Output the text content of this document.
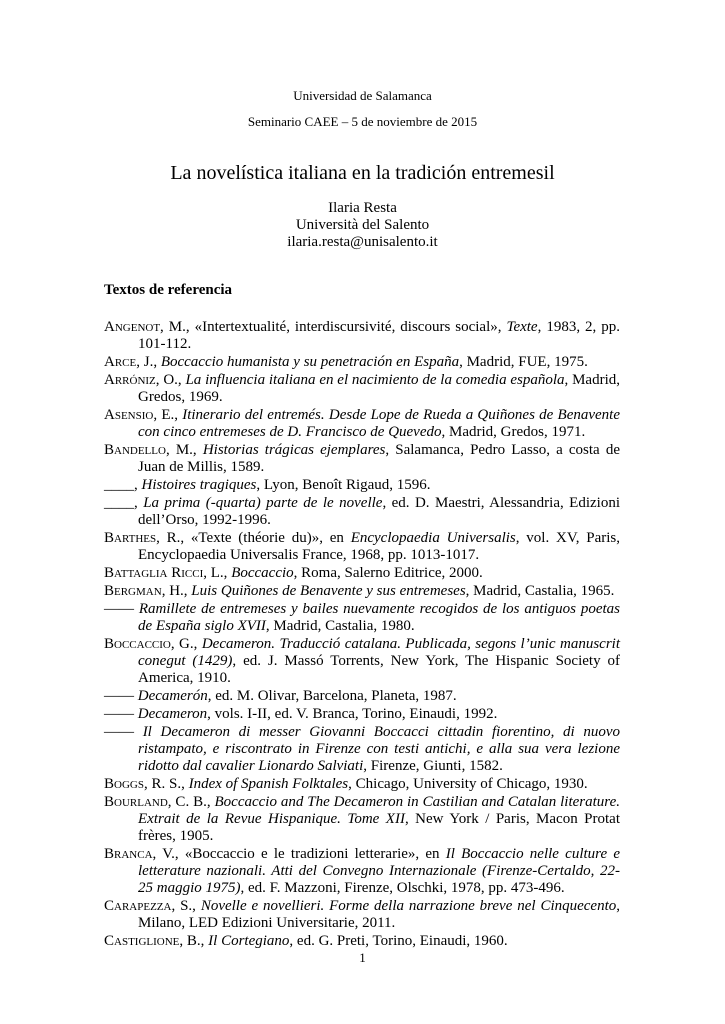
Universidad de Salamanca
Seminario CAEE – 5 de noviembre de 2015
La novelística italiana en la tradición entremesil
Ilaria Resta
Università del Salento
ilaria.resta@unisalento.it
Textos de referencia

Angenot, M., «Intertextualité, interdiscursivité, discours social», Texte, 1983, 2, pp. 101-112.

Arce, J., Boccaccio humanista y su penetración en España, Madrid, FUE, 1975.

Arróniz, O., La influencia italiana en el nacimiento de la comedia española, Madrid, Gredos, 1969.

Asensio, E., Itinerario del entremés. Desde Lope de Rueda a Quiñones de Benavente con cinco entremeses de D. Francisco de Quevedo, Madrid, Gredos, 1971.

Bandello, M., Historias trágicas ejemplares, Salamanca, Pedro Lasso, a costa de Juan de Millis, 1589.

____, Histoires tragiques, Lyon, Benoît Rigaud, 1596.

____, La prima (-quarta) parte de le novelle, ed. D. Maestri, Alessandria, Edizioni dell’Orso, 1992-1996.

Barthes, R., «Texte (théorie du)», en Encyclopaedia Universalis, vol. XV, Paris, Encyclopaedia Universalis France, 1968, pp. 1013-1017.

Battaglia Ricci, L., Boccaccio, Roma, Salerno Editrice, 2000.

Bergman, H., Luis Quiñones de Benavente y sus entremeses, Madrid, Castalia, 1965.

—— Ramillete de entremeses y bailes nuevamente recogidos de los antiguos poetas de España siglo XVII, Madrid, Castalia, 1980.

Boccaccio, G., Decameron. Traducció catalana. Publicada, segons l’unic manuscrit conegut (1429), ed. J. Massó Torrents, New York, The Hispanic Society of America, 1910.

—— Decamerón, ed. M. Olivar, Barcelona, Planeta, 1987.

—— Decameron, vols. I-II, ed. V. Branca, Torino, Einaudi, 1992.

—— Il Decameron di messer Giovanni Boccacci cittadin fiorentino, di nuovo ristampato, e riscontrato in Firenze con testi antichi, e alla sua vera lezione ridotto dal cavalier Lionardo Salviati, Firenze, Giunti, 1582.

Boggs, R. S., Index of Spanish Folktales, Chicago, University of Chicago, 1930.

Bourland, C. B., Boccaccio and The Decameron in Castilian and Catalan literature. Extrait de la Revue Hispanique. Tome XII, New York / Paris, Macon Protat frères, 1905.

Branca, V., «Boccaccio e le tradizioni letterarie», en Il Boccaccio nelle culture e letterature nazionali. Atti del Convegno Internazionale (Firenze-Certaldo, 22-25 maggio 1975), ed. F. Mazzoni, Firenze, Olschki, 1978, pp. 473-496.

Carapezza, S., Novelle e novellieri. Forme della narrazione breve nel Cinquecento, Milano, LED Edizioni Universitarie, 2011.

Castiglione, B., Il Cortegiano, ed. G. Preti, Torino, Einaudi, 1960.

1
